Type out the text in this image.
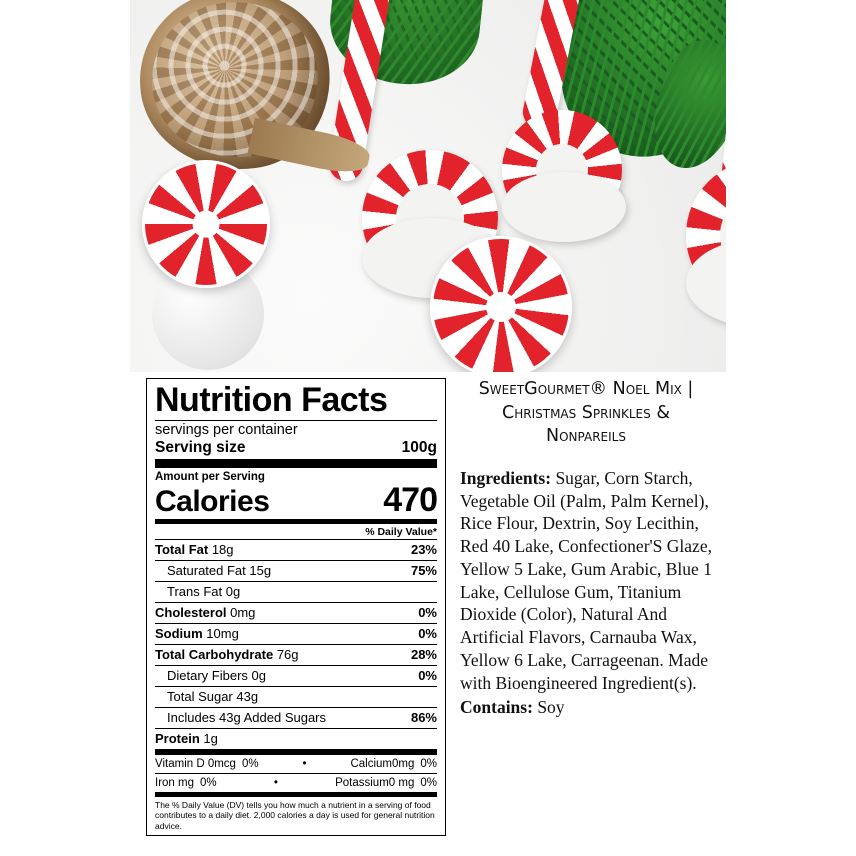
Nutrition Facts
servings per container
Serving size	100g
Amount per Serving
Calories	470
% Daily Value*
Total Fat 18g	23%
Saturated Fat 15g	75%
Trans Fat 0g
Cholesterol 0mg	0%
Sodium 10mg	0%
Total Carbohydrate 76g	28%
Dietary Fibers 0g	0%
Total Sugar 43g
Includes 43g Added Sugars	86%
Protein 1g
Vitamin D 0mcg 0%	•	Calcium0mg 0%
Iron mg 0%	•	Potassium0 mg 0%
The % Daily Value (DV) tells you how much a nutrient in a serving of food contributes to a daily diet. 2,000 calories a day is used for general nutrition advice.
SweetGourmet® Noel Mix | Christmas Sprinkles & Nonpareils
Ingredients: Sugar, Corn Starch, Vegetable Oil (Palm, Palm Kernel), Rice Flour, Dextrin, Soy Lecithin, Red 40 Lake, Confectioner'S Glaze, Yellow 5 Lake, Gum Arabic, Blue 1 Lake, Cellulose Gum, Titanium Dioxide (Color), Natural And Artificial Flavors, Carnauba Wax, Yellow 6 Lake, Carrageenan. Made with Bioengineered Ingredient(s).
Contains: Soy
